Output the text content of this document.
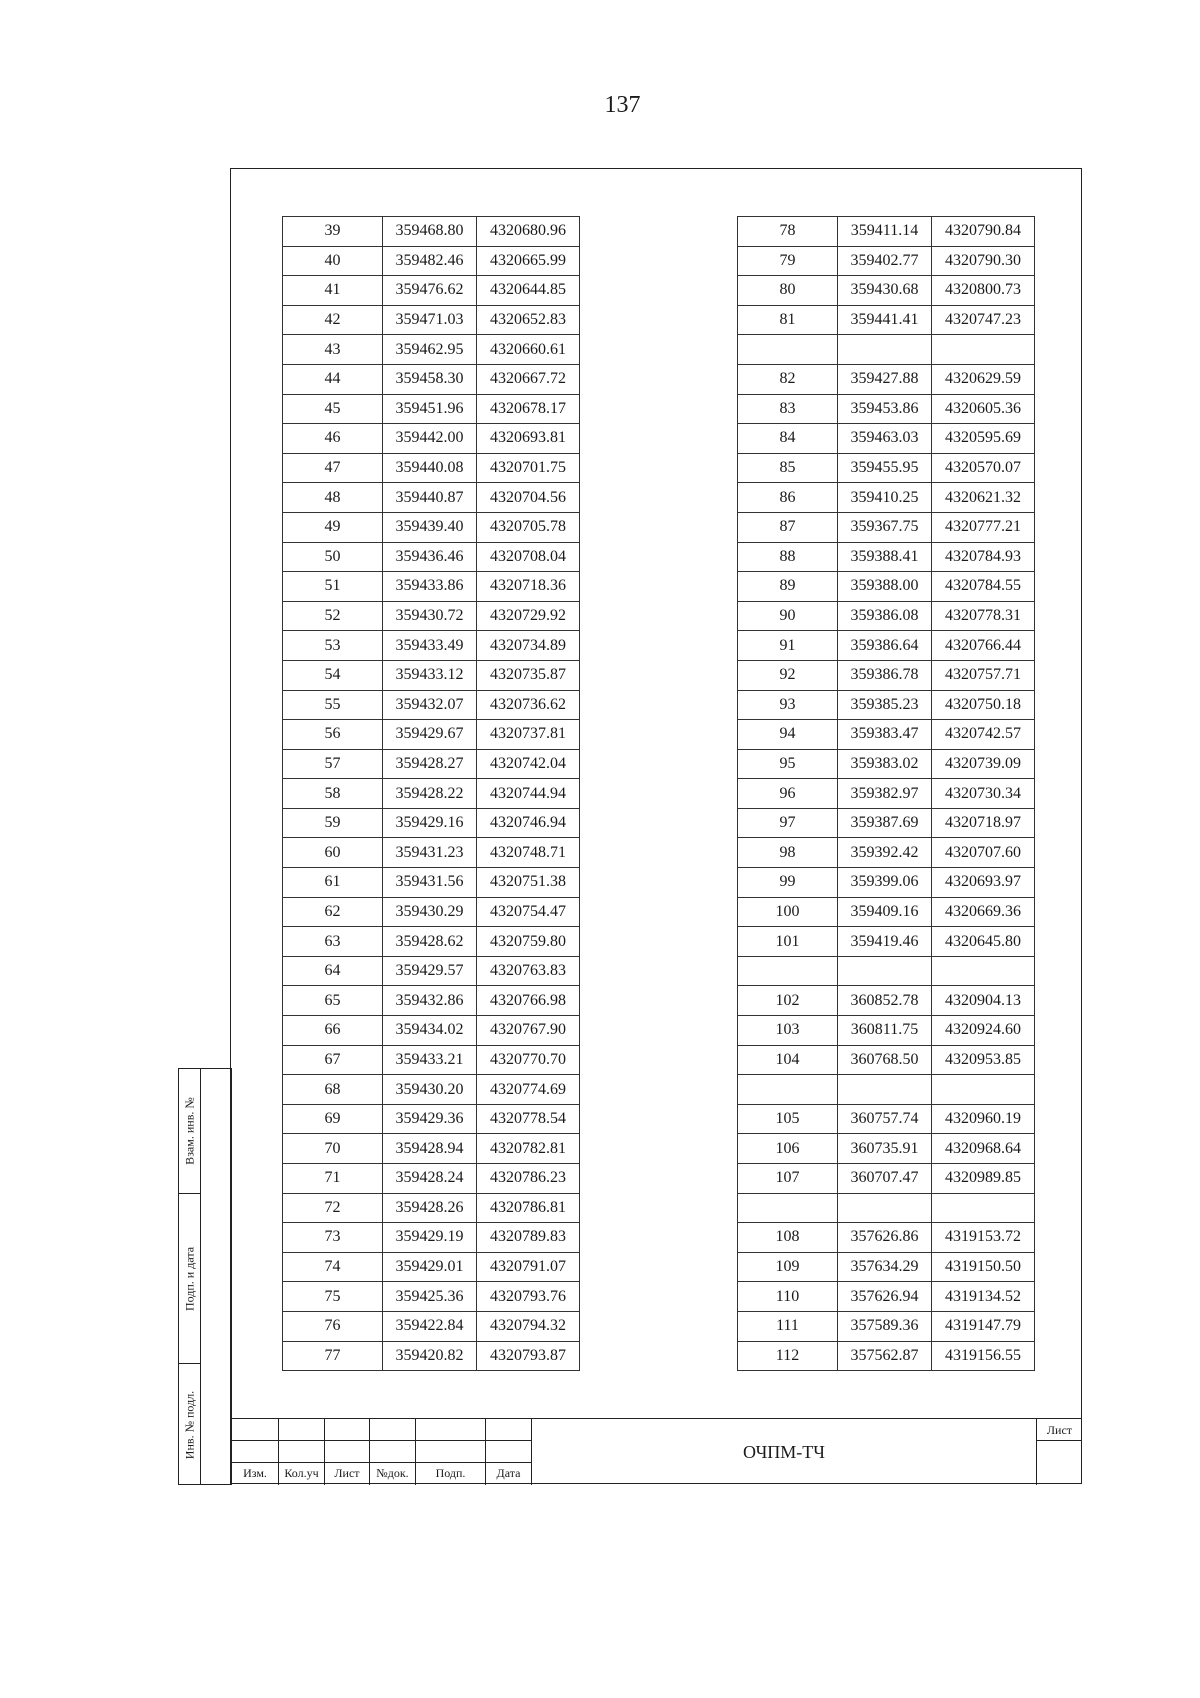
137
39	359468.80	4320680.96
40	359482.46	4320665.99
41	359476.62	4320644.85
42	359471.03	4320652.83
43	359462.95	4320660.61
44	359458.30	4320667.72
45	359451.96	4320678.17
46	359442.00	4320693.81
47	359440.08	4320701.75
48	359440.87	4320704.56
49	359439.40	4320705.78
50	359436.46	4320708.04
51	359433.86	4320718.36
52	359430.72	4320729.92
53	359433.49	4320734.89
54	359433.12	4320735.87
55	359432.07	4320736.62
56	359429.67	4320737.81
57	359428.27	4320742.04
58	359428.22	4320744.94
59	359429.16	4320746.94
60	359431.23	4320748.71
61	359431.56	4320751.38
62	359430.29	4320754.47
63	359428.62	4320759.80
64	359429.57	4320763.83
65	359432.86	4320766.98
66	359434.02	4320767.90
67	359433.21	4320770.70
68	359430.20	4320774.69
69	359429.36	4320778.54
70	359428.94	4320782.81
71	359428.24	4320786.23
72	359428.26	4320786.81
73	359429.19	4320789.83
74	359429.01	4320791.07
75	359425.36	4320793.76
76	359422.84	4320794.32
77	359420.82	4320793.87
78	359411.14	4320790.84
79	359402.77	4320790.30
80	359430.68	4320800.73
81	359441.41	4320747.23

82	359427.88	4320629.59
83	359453.86	4320605.36
84	359463.03	4320595.69
85	359455.95	4320570.07
86	359410.25	4320621.32
87	359367.75	4320777.21
88	359388.41	4320784.93
89	359388.00	4320784.55
90	359386.08	4320778.31
91	359386.64	4320766.44
92	359386.78	4320757.71
93	359385.23	4320750.18
94	359383.47	4320742.57
95	359383.02	4320739.09
96	359382.97	4320730.34
97	359387.69	4320718.97
98	359392.42	4320707.60
99	359399.06	4320693.97
100	359409.16	4320669.36
101	359419.46	4320645.80

102	360852.78	4320904.13
103	360811.75	4320924.60
104	360768.50	4320953.85

105	360757.74	4320960.19
106	360735.91	4320968.64
107	360707.47	4320989.85

108	357626.86	4319153.72
109	357634.29	4319150.50
110	357626.94	4319134.52
111	357589.36	4319147.79
112	357562.87	4319156.55
Взам. инв. №
Подп. и дата
Инв. № подл.
Изм.	Кол.уч	Лист	№док.	Подп.	Дата
ОЧПМ-ТЧ
Лист
